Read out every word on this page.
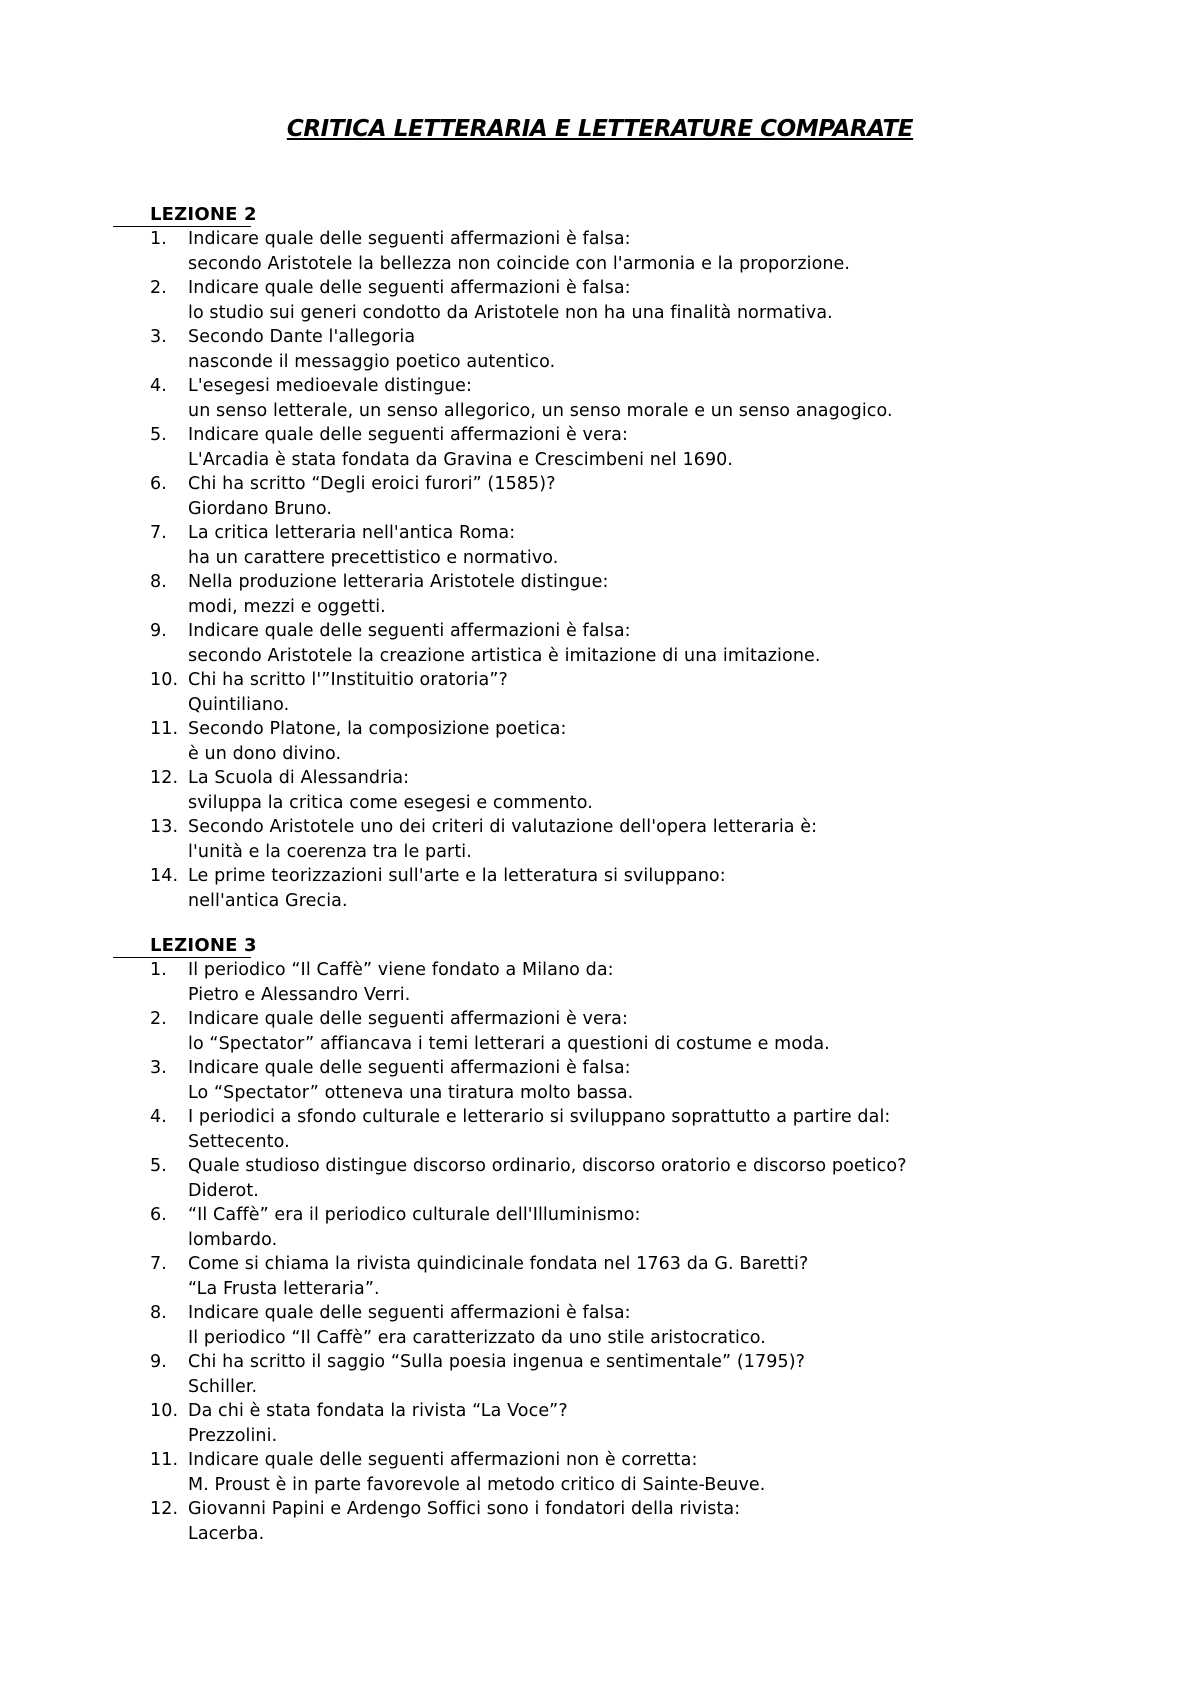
CRITICA LETTERARIA E LETTERATURE COMPARATE
LEZIONE 2
1. Indicare quale delle seguenti affermazioni è falsa:
secondo Aristotele la bellezza non coincide con l'armonia e la proporzione.
2. Indicare quale delle seguenti affermazioni è falsa:
lo studio sui generi condotto da Aristotele non ha una finalità normativa.
3. Secondo Dante l'allegoria
nasconde il messaggio poetico autentico.
4. L'esegesi medioevale distingue:
un senso letterale, un senso allegorico, un senso morale e un senso anagogico.
5. Indicare quale delle seguenti affermazioni è vera:
L'Arcadia è stata fondata da Gravina e Crescimbeni nel 1690.
6. Chi ha scritto “Degli eroici furori” (1585)?
Giordano Bruno.
7. La critica letteraria nell'antica Roma:
ha un carattere precettistico e normativo.
8. Nella produzione letteraria Aristotele distingue:
modi, mezzi e oggetti.
9. Indicare quale delle seguenti affermazioni è falsa:
secondo Aristotele la creazione artistica è imitazione di una imitazione.
10. Chi ha scritto l'”Instituitio oratoria”?
Quintiliano.
11. Secondo Platone, la composizione poetica:
è un dono divino.
12. La Scuola di Alessandria:
sviluppa la critica come esegesi e commento.
13. Secondo Aristotele uno dei criteri di valutazione dell'opera letteraria è:
l'unità e la coerenza tra le parti.
14. Le prime teorizzazioni sull'arte e la letteratura si sviluppano:
nell'antica Grecia.
LEZIONE 3
1. Il periodico “Il Caffè” viene fondato a Milano da:
Pietro e Alessandro Verri.
2. Indicare quale delle seguenti affermazioni è vera:
lo “Spectator” affiancava i temi letterari a questioni di costume e moda.
3. Indicare quale delle seguenti affermazioni è falsa:
Lo “Spectator” otteneva una tiratura molto bassa.
4. I periodici a sfondo culturale e letterario si sviluppano soprattutto a partire dal:
Settecento.
5. Quale studioso distingue discorso ordinario, discorso oratorio e discorso poetico?
Diderot.
6. “Il Caffè” era il periodico culturale dell'Illuminismo:
lombardo.
7. Come si chiama la rivista quindicinale fondata nel 1763 da G. Baretti?
“La Frusta letteraria”.
8. Indicare quale delle seguenti affermazioni è falsa:
Il periodico “Il Caffè” era caratterizzato da uno stile aristocratico.
9. Chi ha scritto il saggio “Sulla poesia ingenua e sentimentale” (1795)?
Schiller.
10. Da chi è stata fondata la rivista “La Voce”?
Prezzolini.
11. Indicare quale delle seguenti affermazioni non è corretta:
M. Proust è in parte favorevole al metodo critico di Sainte-Beuve.
12. Giovanni Papini e Ardengo Soffici sono i fondatori della rivista:
Lacerba.
